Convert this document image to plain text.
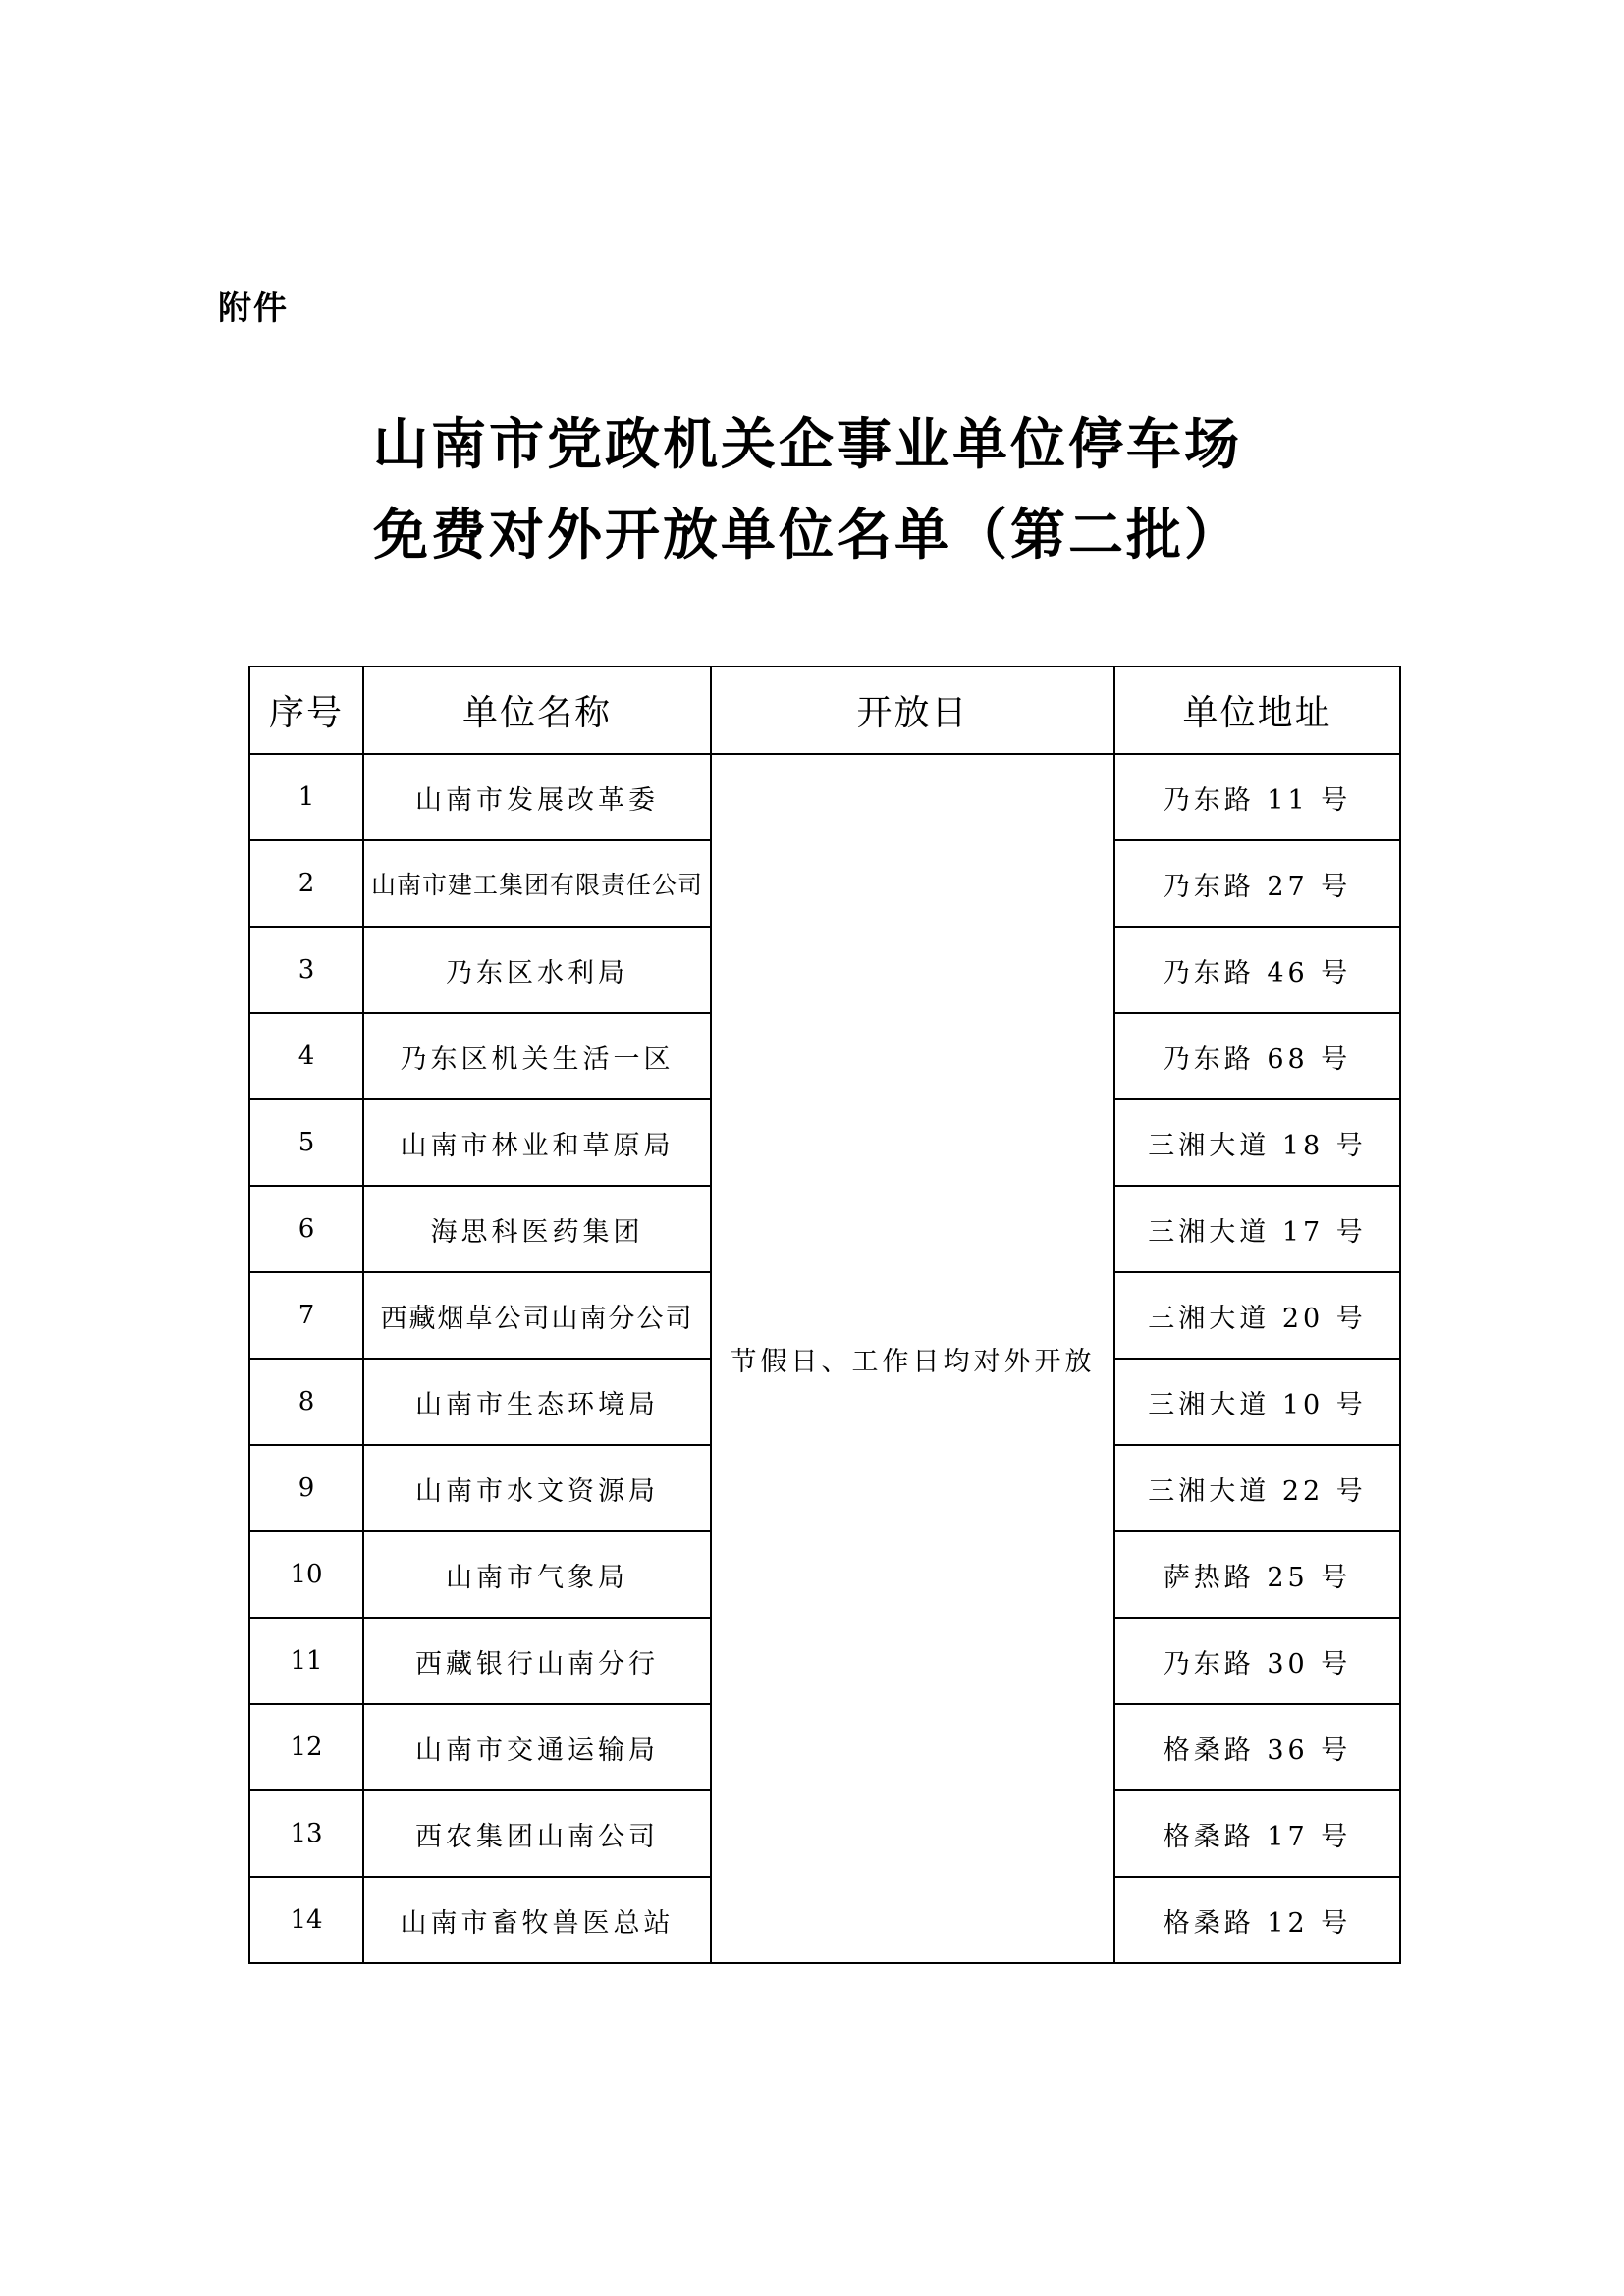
附件
山南市党政机关企事业单位停车场
免费对外开放单位名单（第二批）
序号	单位名称	开放日	单位地址
1	山南市发展改革委	节假日、工作日均对外开放	乃东路 11 号
2	山南市建工集团有限责任公司		乃东路 27 号
3	乃东区水利局		乃东路 46 号
4	乃东区机关生活一区		乃东路 68 号
5	山南市林业和草原局		三湘大道 18 号
6	海思科医药集团		三湘大道 17 号
7	西藏烟草公司山南分公司		三湘大道 20 号
8	山南市生态环境局		三湘大道 10 号
9	山南市水文资源局		三湘大道 22 号
10	山南市气象局		萨热路 25 号
11	西藏银行山南分行		乃东路 30 号
12	山南市交通运输局		格桑路 36 号
13	西农集团山南公司		格桑路 17 号
14	山南市畜牧兽医总站		格桑路 12 号
